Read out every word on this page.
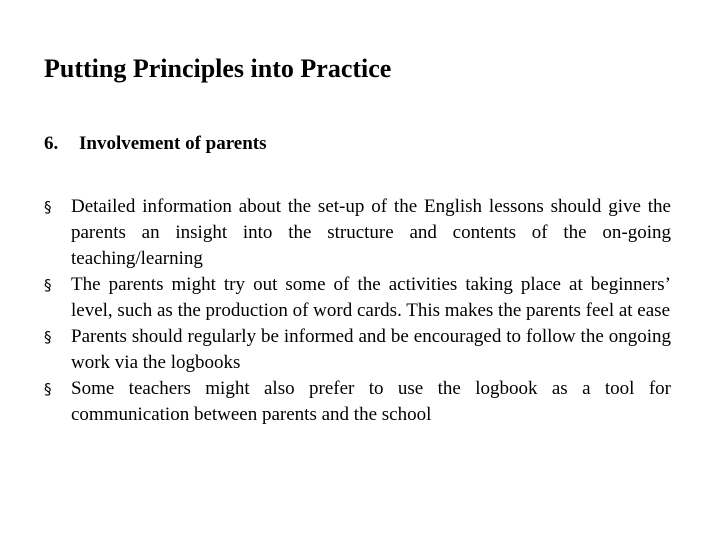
Putting Principles into Practice
6. Involvement of parents
§	Detailed information about the set-up of the English lessons should give the parents an insight into the structure and contents of the on-going teaching/learning
§	The parents might try out some of the activities taking place at beginners’ level, such as the production of word cards. This makes the parents feel at ease
§	Parents should regularly be informed and be encouraged to follow the ongoing work via the logbooks
§	Some teachers might also prefer to use the logbook as a tool for communication between parents and the school
